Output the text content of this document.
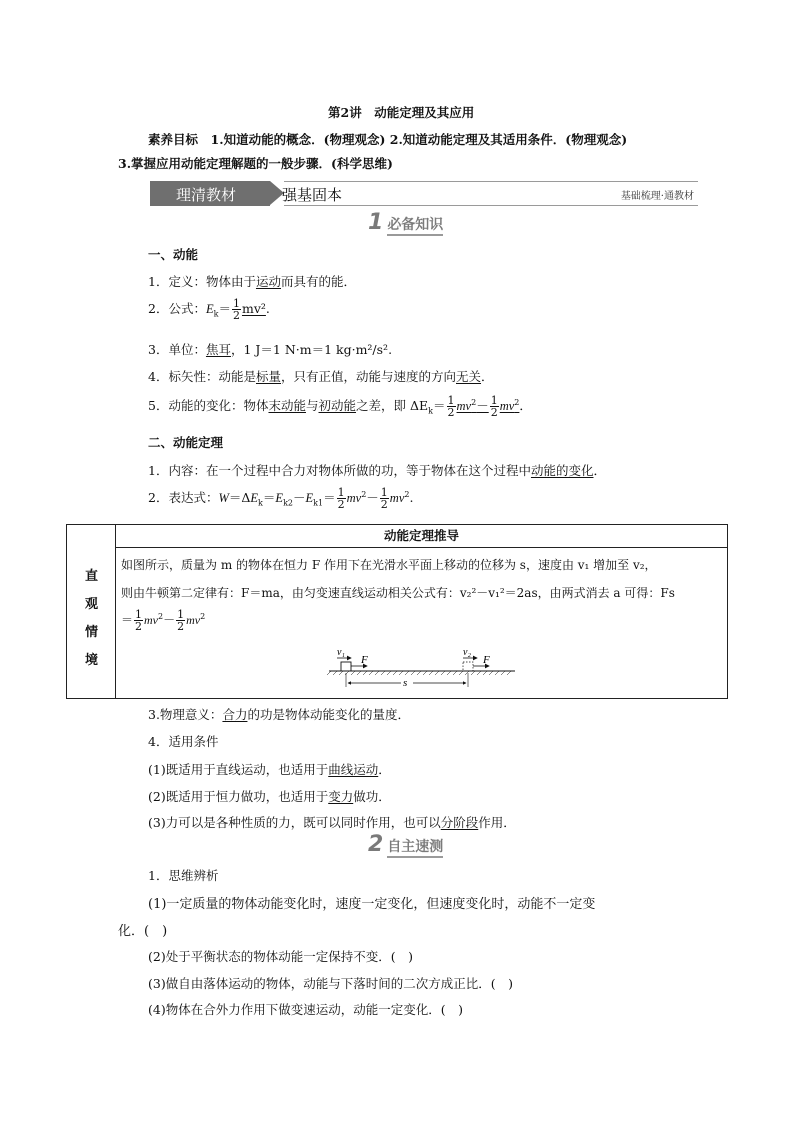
第2讲　动能定理及其应用
素养目标　 1.知道动能的概念．(物理观念) 2.知道动能定理及其适用条件．(物理观念)
3.掌握应用动能定理解题的一般步骤．(科学思维)
理清教材	强基固本	基础梳理·通教材
1 必备知识
一、动能
1．定义：物体由于运动而具有的能．
2．公式：$E_k= \frac{1}{2} mv^2$.
3．单位：焦耳，1 J＝1 N·m＝1 kg·m²/s².
4．标矢性：动能是标量，只有正值，动能与速度的方向无关．
5．动能的变化：物体末动能与初动能之差，即 $\Delta E_k= \frac{1}{2} mv^2- \frac{1}{2} mv^2$．
二、动能定理
1．内容：在一个过程中合力对物体所做的功，等于物体在这个过程中动能的变化．
2．表达式：$W=\Delta E_k=E_{k2}-E_{k1}= \frac{1}{2} mv^2- \frac{1}{2} mv^2$.
直
观
情
境
动能定理推导
如图所示，质量为 m 的物体在恒力 F 作用下在光滑水平面上移动的位移为 s，速度由 v₁ 增加至 v₂，
则由牛顿第二定律有：F＝ma，由匀变速直线运动相关公式有：v₂²－v₁²＝2as，由两式消去 a 可得：Fs
＝ $\frac{1}{2} mv^2- \frac{1}{2} mv^2$
v₁	v₂
F	F
s
3.物理意义：合力的功是物体动能变化的量度．
4．适用条件
(1)既适用于直线运动，也适用于曲线运动．
(2)既适用于恒力做功，也适用于变力做功．
(3)力可以是各种性质的力，既可以同时作用，也可以分阶段作用．
2 自主速测
1．思维辨析
(1)一定质量的物体动能变化时，速度一定变化，但速度变化时，动能不一定变
化．(　)
(2)处于平衡状态的物体动能一定保持不变．(　)
(3)做自由落体运动的物体，动能与下落时间的二次方成正比．(　)
(4)物体在合外力作用下做变速运动，动能一定变化．(　)
